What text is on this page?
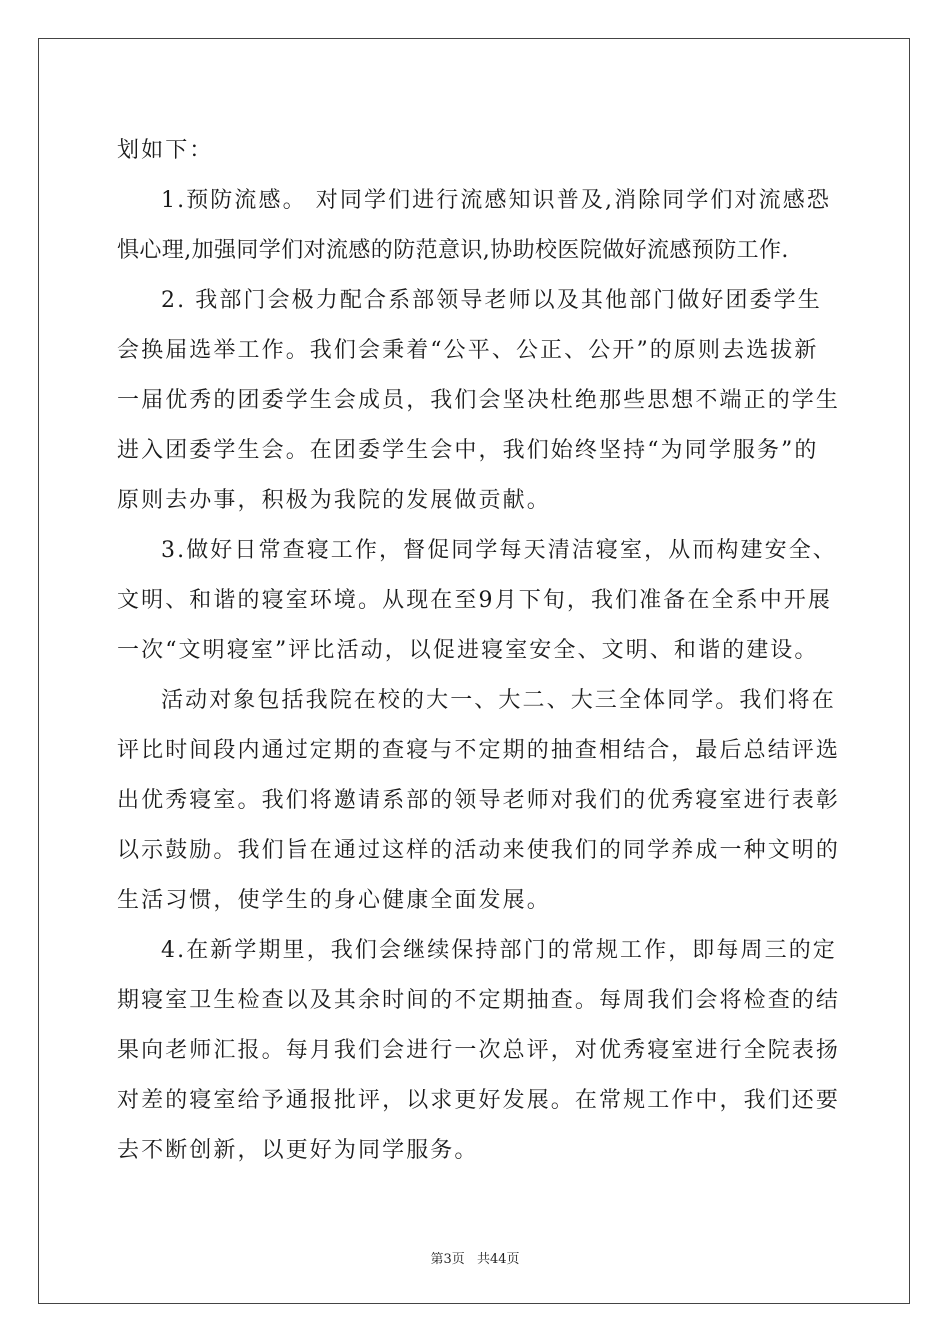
划如下：
1.预防流感。 对同学们进行流感知识普及,消除同学们对流感恐
惧心理,加强同学们对流感的防范意识,协助校医院做好流感预防工作.
2. 我部门会极力配合系部领导老师以及其他部门做好团委学生
会换届选举工作。我们会秉着“公平、公正、公开”的原则去选拔新
一届优秀的团委学生会成员，我们会坚决杜绝那些思想不端正的学生
进入团委学生会。在团委学生会中，我们始终坚持“为同学服务”的
原则去办事，积极为我院的发展做贡献。
3.做好日常查寝工作，督促同学每天清洁寝室，从而构建安全、
文明、和谐的寝室环境。从现在至9月下旬，我们准备在全系中开展
一次“文明寝室”评比活动，以促进寝室安全、文明、和谐的建设。
活动对象包括我院在校的大一、大二、大三全体同学。我们将在
评比时间段内通过定期的查寝与不定期的抽查相结合，最后总结评选
出优秀寝室。我们将邀请系部的领导老师对我们的优秀寝室进行表彰
以示鼓励。我们旨在通过这样的活动来使我们的同学养成一种文明的
生活习惯，使学生的身心健康全面发展。
4.在新学期里，我们会继续保持部门的常规工作，即每周三的定
期寝室卫生检查以及其余时间的不定期抽查。每周我们会将检查的结
果向老师汇报。每月我们会进行一次总评，对优秀寝室进行全院表扬
对差的寝室给予通报批评，以求更好发展。在常规工作中，我们还要
去不断创新，以更好为同学服务。
第3页 共44页
